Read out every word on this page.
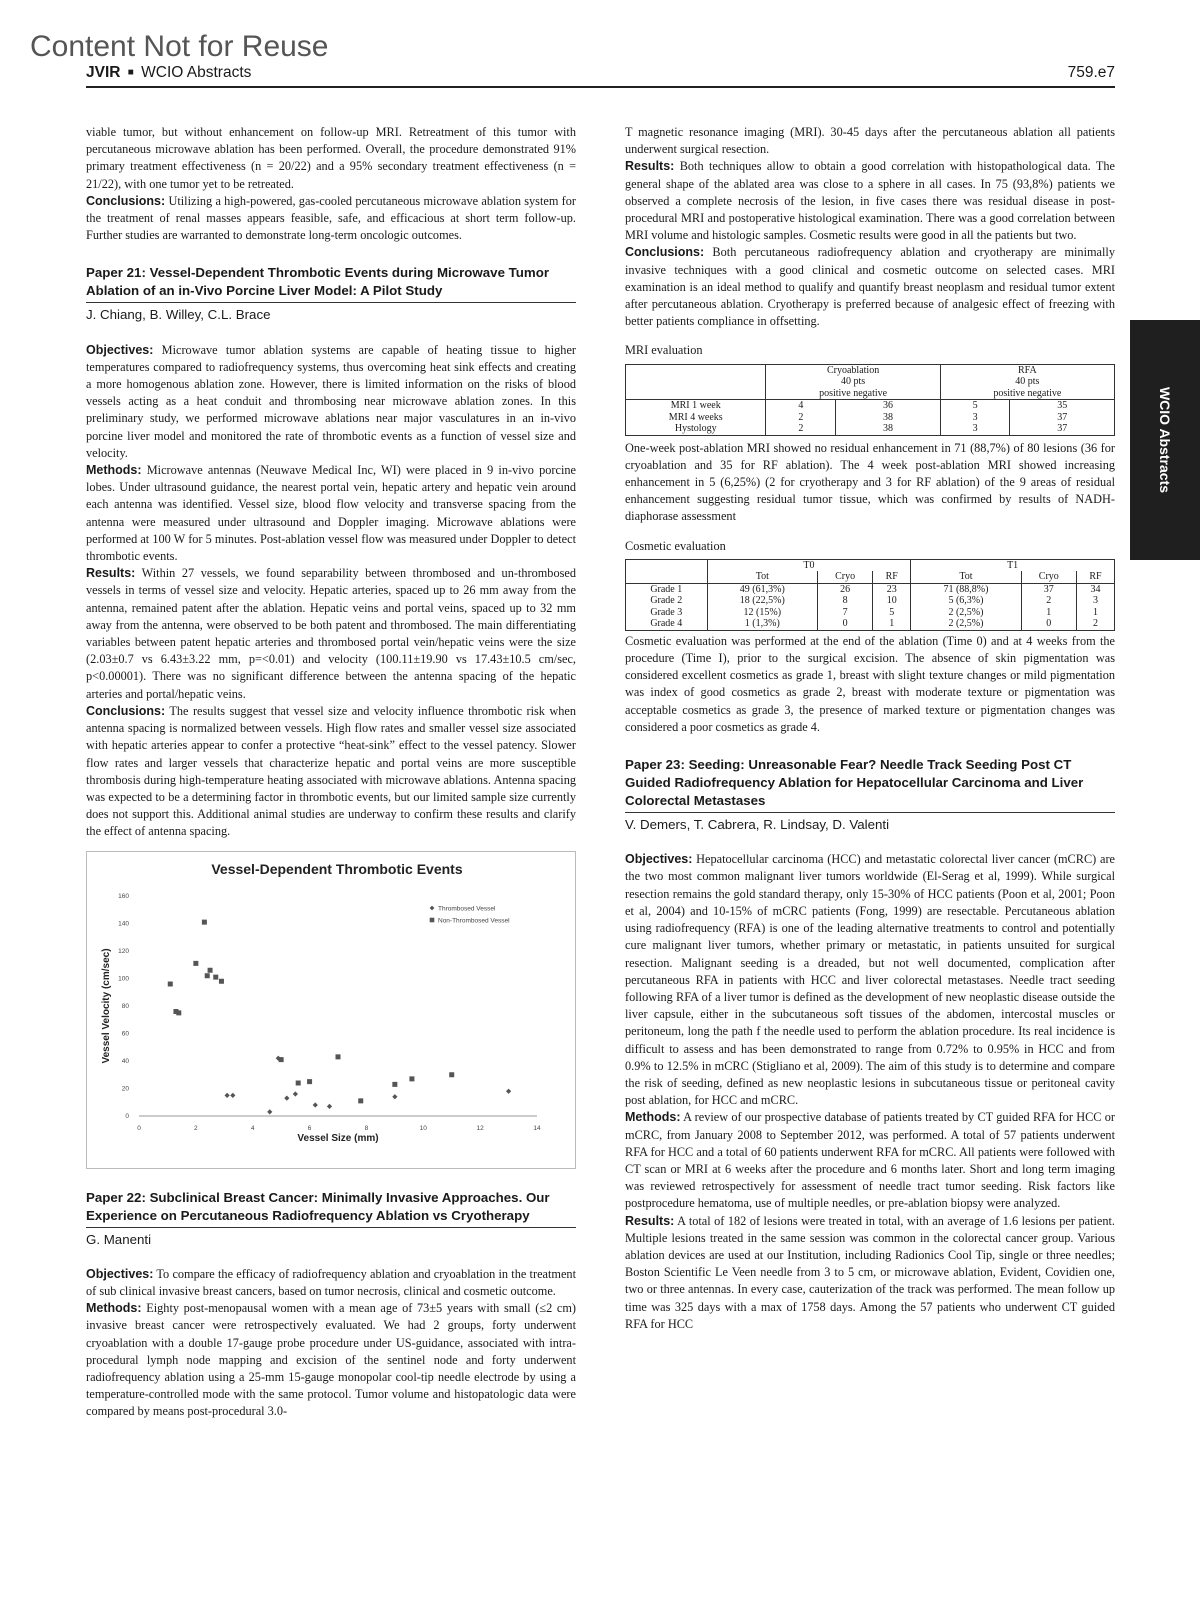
Content Not for Reuse
JVIR ■ WCIO Abstracts	759.e7
WCIO Abstracts

viable tumor, but without enhancement on follow-up MRI. Retreatment of this tumor with percutaneous microwave ablation has been performed. Overall, the procedure demonstrated 91% primary treatment effectiveness (n = 20/22) and a 95% secondary treatment effectiveness (n = 21/22), with one tumor yet to be retreated.

Conclusions: Utilizing a high-powered, gas-cooled percutaneous microwave ablation system for the treatment of renal masses appears feasible, safe, and efficacious at short term follow-up. Further studies are warranted to demonstrate long-term oncologic outcomes.

Paper 21: Vessel-Dependent Thrombotic Events during Microwave Tumor Ablation of an in-Vivo Porcine Liver Model: A Pilot Study
J. Chiang, B. Willey, C.L. Brace

Objectives: Microwave tumor ablation systems are capable of heating tissue to higher temperatures compared to radiofrequency systems, thus overcoming heat sink effects and creating a more homogenous ablation zone. However, there is limited information on the risks of blood vessels acting as a heat conduit and thrombosing near microwave ablation zones. In this preliminary study, we performed microwave ablations near major vasculatures in an in-vivo porcine liver model and monitored the rate of thrombotic events as a function of vessel size and velocity.

Methods: Microwave antennas (Neuwave Medical Inc, WI) were placed in 9 in-vivo porcine lobes. Under ultrasound guidance, the nearest portal vein, hepatic artery and hepatic vein around each antenna was identified. Vessel size, blood flow velocity and transverse spacing from the antenna were measured under ultrasound and Doppler imaging. Microwave ablations were performed at 100 W for 5 minutes. Post-ablation vessel flow was measured under Doppler to detect thrombotic events.

Results: Within 27 vessels, we found separability between thrombosed and un-thrombosed vessels in terms of vessel size and velocity. Hepatic arteries, spaced up to 26 mm away from the antenna, remained patent after the ablation. Hepatic veins and portal veins, spaced up to 32 mm away from the antenna, were observed to be both patent and thrombosed. The main differentiating variables between patent hepatic arteries and thrombosed portal vein/hepatic veins were the size (2.03±0.7 vs 6.43±3.22 mm, p=<0.01) and velocity (100.11±19.90 vs 17.43±10.5 cm/sec, p<0.00001). There was no significant difference between the antenna spacing of the hepatic arteries and portal/hepatic veins.

Conclusions: The results suggest that vessel size and velocity influence thrombotic risk when antenna spacing is normalized between vessels. High flow rates and smaller vessel size associated with hepatic arteries appear to confer a protective “heat-sink” effect to the vessel patency. Slower flow rates and larger vessels that characterize hepatic and portal veins are more susceptible thrombosis during high-temperature heating associated with microwave ablations. Antenna spacing was expected to be a determining factor in thrombotic events, but our limited sample size currently does not support this. Additional animal studies are underway to confirm these results and clarify the effect of antenna spacing.

Vessel-Dependent Thrombotic Events
0	2	4	6	8	10	12	14
0
20
40
60
80
100
120
140
160
Vessel Size (mm)
Vessel Velocity (cm/sec)
Thrombosed Vessel
Non-Thrombosed Vessel
Paper 22: Subclinical Breast Cancer: Minimally Invasive Approaches. Our Experience on Percutaneous Radiofrequency Ablation vs Cryotherapy
G. Manenti

Objectives: To compare the efficacy of radiofrequency ablation and cryoablation in the treatment of sub clinical invasive breast cancers, based on tumor necrosis, clinical and cosmetic outcome.

Methods: Eighty post-menopausal women with a mean age of 73±5 years with small (≤2 cm) invasive breast cancer were retrospectively evaluated. We had 2 groups, forty underwent cryoablation with a double 17-gauge probe procedure under US-guidance, associated with intra-procedural lymph node mapping and excision of the sentinel node and forty underwent radiofrequency ablation using a 25-mm 15-gauge monopolar cool-tip needle electrode by using a temperature-controlled mode with the same protocol. Tumor volume and histopatologic data were compared by means post-procedural 3.0-

T magnetic resonance imaging (MRI). 30-45 days after the percutaneous ablation all patients underwent surgical resection.

Results: Both techniques allow to obtain a good correlation with histopathological data. The general shape of the ablated area was close to a sphere in all cases. In 75 (93,8%) patients we observed a complete necrosis of the lesion, in five cases there was residual disease in post-procedural MRI and postoperative histological examination. There was a good correlation between MRI volume and histologic samples. Cosmetic results were good in all the patients but two.

Conclusions: Both percutaneous radiofrequency ablation and cryotherapy are minimally invasive techniques with a good clinical and cosmetic outcome on selected cases. MRI examination is an ideal method to qualify and quantify breast neoplasm and residual tumor extent after percutaneous ablation. Cryotherapy is preferred because of analgesic effect of freezing with better patients compliance in offsetting.

MRI evaluation
	Cryoablation
40 pts
positive negative		RFA
40 pts
positive negative	
MRI 1 week	4	36	5	35
MRI 4 weeks	2	38	3	37
Hystology	2	38	3	37

One-week post-ablation MRI showed no residual enhancement in 71 (88,7%) of 80 lesions (36 for cryoablation and 35 for RF ablation). The 4 week post-ablation MRI showed increasing enhancement in 5 (6,25%) (2 for cryotherapy and 3 for RF ablation) of the 9 areas of residual enhancement suggesting residual tumor tissue, which was confirmed by results of NADH-diaphorase assessment

Cosmetic evaluation
	T0			T1		
	Tot	Cryo	RF	Tot	Cryo	RF
Grade 1	49 (61,3%)	26	23	71 (88,8%)	37	34
Grade 2	18 (22,5%)	8	10	5 (6,3%)	2	3
Grade 3	12 (15%)	7	5	2 (2,5%)	1	1
Grade 4	1 (1,3%)	0	1	2 (2,5%)	0	2

Cosmetic evaluation was performed at the end of the ablation (Time 0) and at 4 weeks from the procedure (Time I), prior to the surgical excision. The absence of skin pigmentation was considered excellent cosmetics as grade 1, breast with slight texture changes or mild pigmentation was index of good cosmetics as grade 2, breast with moderate texture or pigmentation was acceptable cosmetics as grade 3, the presence of marked texture or pigmentation changes was considered a poor cosmetics as grade 4.

Paper 23: Seeding: Unreasonable Fear? Needle Track Seeding Post CT Guided Radiofrequency Ablation for Hepatocellular Carcinoma and Liver Colorectal Metastases
V. Demers, T. Cabrera, R. Lindsay, D. Valenti

Objectives: Hepatocellular carcinoma (HCC) and metastatic colorectal liver cancer (mCRC) are the two most common malignant liver tumors worldwide (El-Serag et al, 1999). While surgical resection remains the gold standard therapy, only 15-30% of HCC patients (Poon et al, 2001; Poon et al, 2004) and 10-15% of mCRC patients (Fong, 1999) are resectable. Percutaneous ablation using radiofrequency (RFA) is one of the leading alternative treatments to control and potentially cure malignant liver tumors, whether primary or metastatic, in patients unsuited for surgical resection. Malignant seeding is a dreaded, but not well documented, complication after percutaneous RFA in patients with HCC and liver colorectal metastases. Needle tract seeding following RFA of a liver tumor is defined as the development of new neoplastic disease outside the liver capsule, either in the subcutaneous soft tissues of the abdomen, intercostal muscles or peritoneum, long the path f the needle used to perform the ablation procedure. Its real incidence is difficult to assess and has been demonstrated to range from 0.72% to 0.95% in HCC and from 0.9% to 12.5% in mCRC (Stigliano et al, 2009). The aim of this study is to determine and compare the risk of seeding, defined as new neoplastic lesions in subcutaneous tissue or peritoneal cavity post ablation, for HCC and mCRC.

Methods: A review of our prospective database of patients treated by CT guided RFA for HCC or mCRC, from January 2008 to September 2012, was performed. A total of 57 patients underwent RFA for HCC and a total of 60 patients underwent RFA for mCRC. All patients were followed with CT scan or MRI at 6 weeks after the procedure and 6 months later. Short and long term imaging was reviewed retrospectively for assessment of needle tract tumor seeding. Risk factors like postprocedure hematoma, use of multiple needles, or pre-ablation biopsy were analyzed.

Results: A total of 182 of lesions were treated in total, with an average of 1.6 lesions per patient. Multiple lesions treated in the same session was common in the colorectal cancer group. Various ablation devices are used at our Institution, including Radionics Cool Tip, single or three needles; Boston Scientific Le Veen needle from 3 to 5 cm, or microwave ablation, Evident, Covidien one, two or three antennas. In every case, cauterization of the track was performed. The mean follow up time was 325 days with a max of 1758 days. Among the 57 patients who underwent CT guided RFA for HCC
